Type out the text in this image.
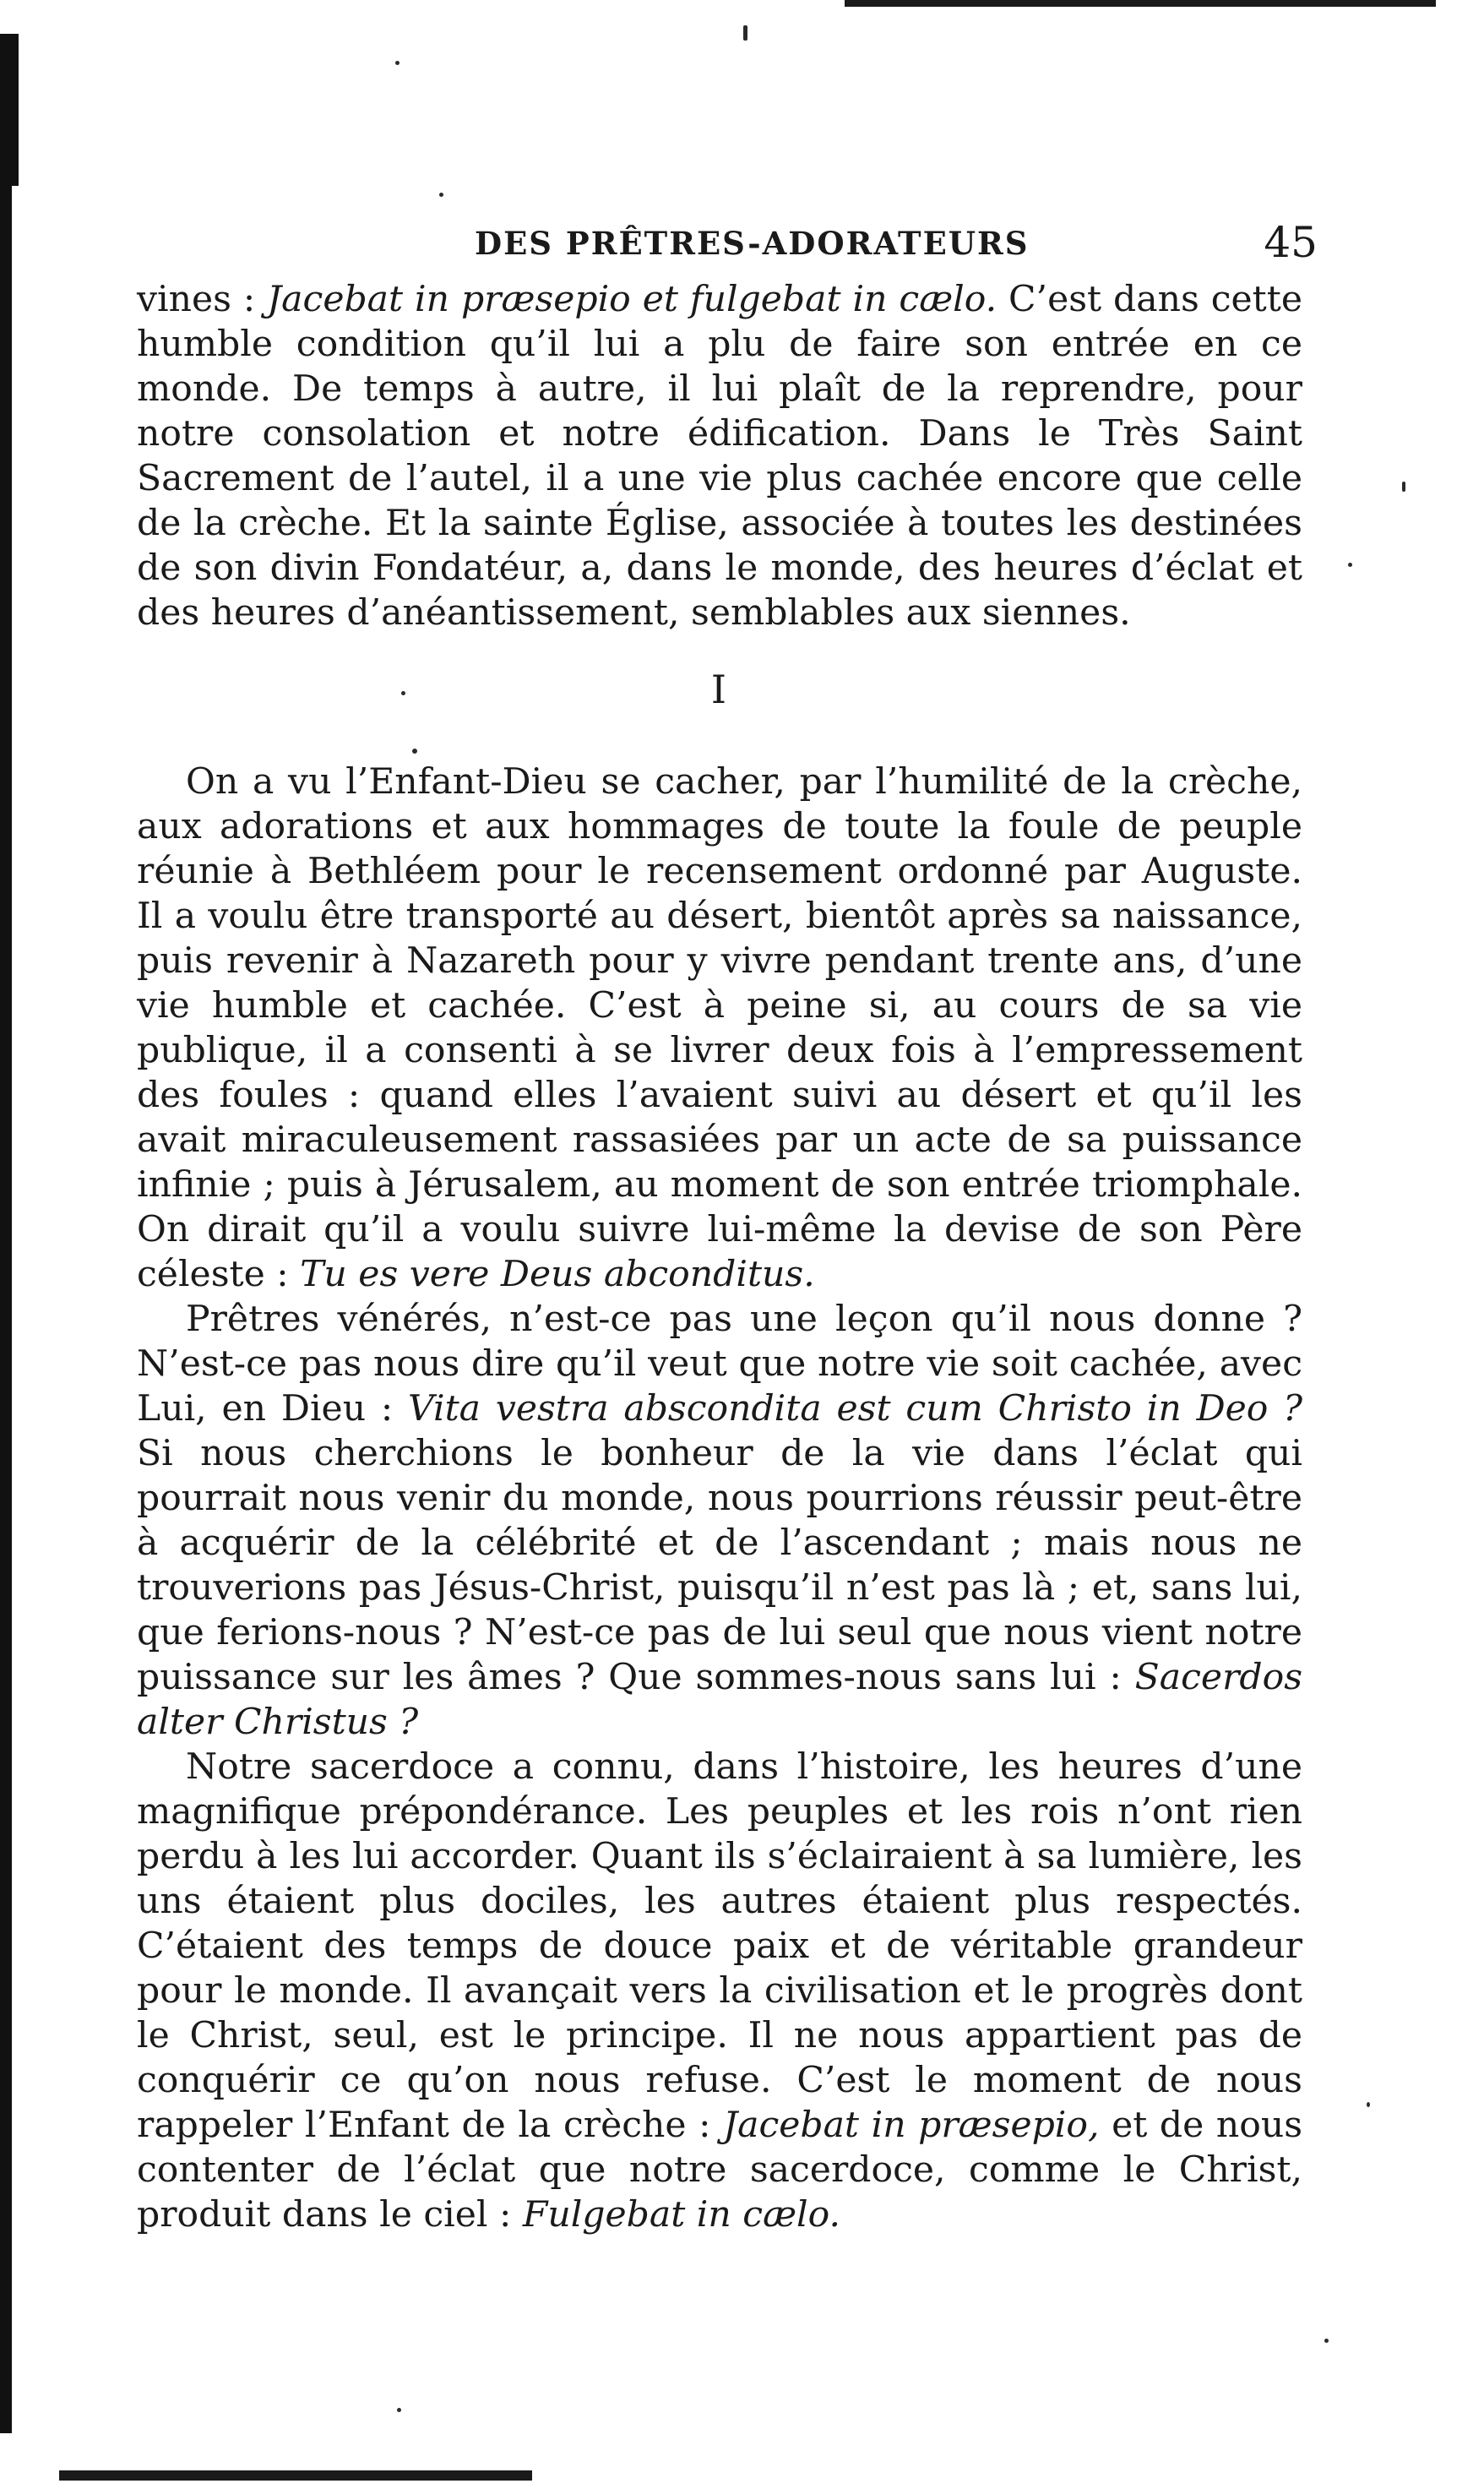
DES PRÊTRES-ADORATEURS	45

vines : Jacebat in præsepio et fulgebat in cælo. C’est dans cette humble condition qu’il lui a plu de faire son entrée en ce monde. De temps à autre, il lui plaît de la reprendre, pour notre consolation et notre édification. Dans le Très Saint Sacrement de l’autel, il a une vie plus cachée encore que celle de la crèche. Et la sainte Église, associée à toutes les destinées de son divin Fondatéur, a, dans le monde, des heures d’éclat et des heures d’anéantissement, semblables aux siennes.

I

On a vu l’Enfant-Dieu se cacher, par l’humilité de la crèche, aux adorations et aux hommages de toute la foule de peuple réunie à Bethléem pour le recensement ordonné par Auguste. Il a voulu être transporté au désert, bientôt après sa naissance, puis revenir à Nazareth pour y vivre pendant trente ans, d’une vie humble et cachée. C’est à peine si, au cours de sa vie publique, il a consenti à se livrer deux fois à l’empressement des foules : quand elles l’avaient suivi au désert et qu’il les avait miraculeusement rassasiées par un acte de sa puissance infinie ; puis à Jérusalem, au moment de son entrée triomphale. On dirait qu’il a voulu suivre lui-même la devise de son Père céleste : Tu es vere Deus abconditus.

Prêtres vénérés, n’est-ce pas une leçon qu’il nous donne ? N’est-ce pas nous dire qu’il veut que notre vie soit cachée, avec Lui, en Dieu : Vita vestra abscondita est cum Christo in Deo ? Si nous cherchions le bonheur de la vie dans l’éclat qui pourrait nous venir du monde, nous pourrions réussir peut-être à acquérir de la célébrité et de l’ascendant ; mais nous ne trouverions pas Jésus-Christ, puisqu’il n’est pas là ; et, sans lui, que ferions-nous ? N’est-ce pas de lui seul que nous vient notre puissance sur les âmes ? Que sommes-nous sans lui : Sacerdos alter Christus ?

Notre sacerdoce a connu, dans l’histoire, les heures d’une magnifique prépondérance. Les peuples et les rois n’ont rien perdu à les lui accorder. Quant ils s’éclairaient à sa lumière, les uns étaient plus dociles, les autres étaient plus respectés. C’étaient des temps de douce paix et de véritable grandeur pour le monde. Il avançait vers la civilisation et le progrès dont le Christ, seul, est le principe. Il ne nous appartient pas de conquérir ce qu’on nous refuse. C’est le moment de nous rappeler l’Enfant de la crèche : Jacebat in præsepio, et de nous contenter de l’éclat que notre sacerdoce, comme le Christ, produit dans le ciel : Fulgebat in cælo.
